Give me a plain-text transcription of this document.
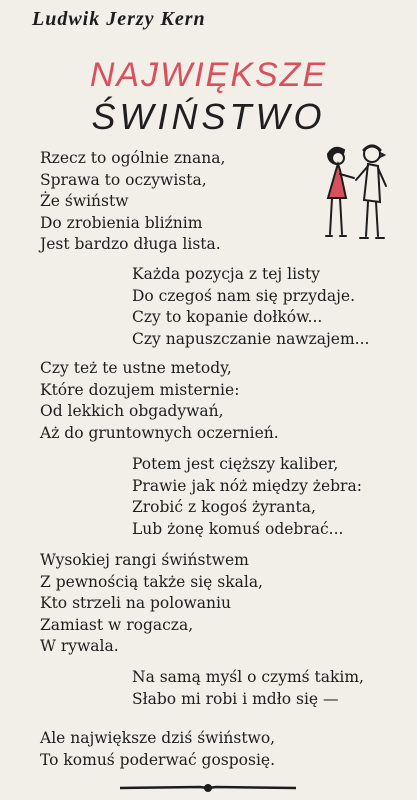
Ludwik Jerzy Kern
NAJWIĘKSZE
ŚWIŃSTWO
Rzecz to ogólnie znana,
Sprawa to oczywista,
Że świństw
Do zrobienia bliźnim
Jest bardzo długa lista.
Każda pozycja z tej listy
Do czegoś nam się przydaje.
Czy to kopanie dołków...
Czy napuszczanie nawzajem...
Czy też te ustne metody,
Które dozujem misternie:
Od lekkich obgadywań,
Aż do gruntownych oczernień.
Potem jest cięższy kaliber,
Prawie jak nóż między żebra:
Zrobić z kogoś żyranta,
Lub żonę komuś odebrać...
Wysokiej rangi świństwem
Z pewnością także się skala,
Kto strzeli na polowaniu
Zamiast w rogacza,
W rywala.
Na samą myśl o czymś takim,
Słabo mi robi i mdło się —
Ale największe dziś świństwo,
To komuś poderwać gosposię.
